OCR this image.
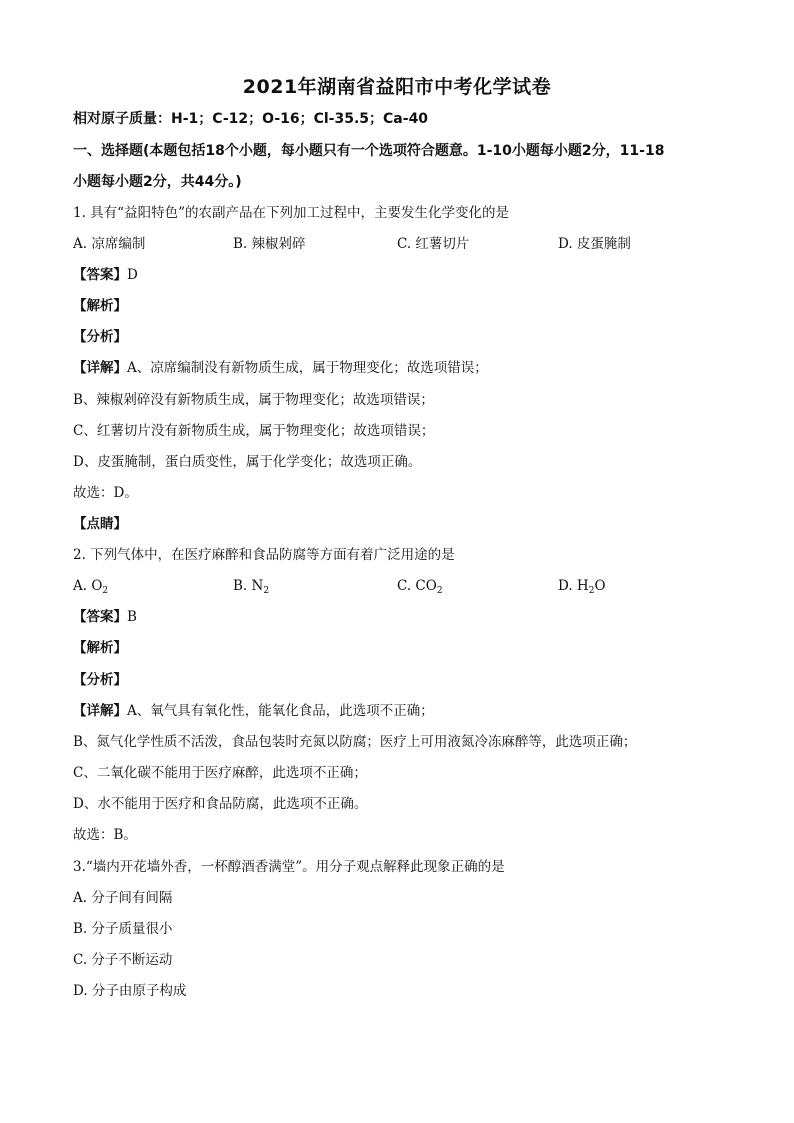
2021年湖南省益阳市中考化学试卷
相对原子质量：H-1；C-12；O-16；Cl-35.5；Ca-40
一、选择题(本题包括18个小题，每小题只有一个选项符合题意。1-10小题每小题2分，11-18
小题每小题2分，共44分。)
1. 具有“益阳特色”的农副产品在下列加工过程中，主要发生化学变化的是
A. 凉席编制	B. 辣椒剁碎	C. 红薯切片	D. 皮蛋腌制
【答案】D
【解析】
【分析】
【详解】A、凉席编制没有新物质生成，属于物理变化；故选项错误；
B、辣椒剁碎没有新物质生成，属于物理变化；故选项错误；
C、红薯切片没有新物质生成，属于物理变化；故选项错误；
D、皮蛋腌制，蛋白质变性，属于化学变化；故选项正确。
故选：D。
【点睛】
2. 下列气体中，在医疗麻醉和食品防腐等方面有着广泛用途的是
A. $O_2$	B. $N_2$	C. $CO_2$	D. $H_2O$
【答案】B
【解析】
【分析】
【详解】A、氧气具有氧化性，能氧化食品，此选项不正确；
B、氮气化学性质不活泼，食品包装时充氮以防腐；医疗上可用液氮冷冻麻醉等，此选项正确；
C、二氧化碳不能用于医疗麻醉，此选项不正确；
D、水不能用于医疗和食品防腐，此选项不正确。
故选：B。
3.“墙内开花墙外香，一杯醇酒香满堂”。用分子观点解释此现象正确的是
A. 分子间有间隔
B. 分子质量很小
C. 分子不断运动
D. 分子由原子构成
